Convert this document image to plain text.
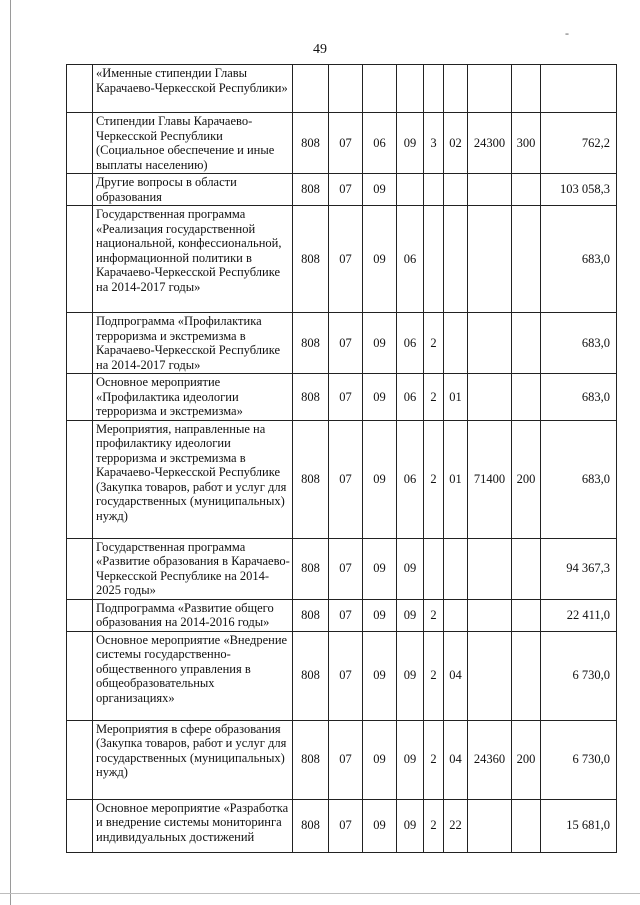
-
49
	«Именные стипендии Главы Карачаево-Черкесской Республики»									
	Стипендии Главы Карачаево-Черкесской Республики (Социальное обеспечение и иные выплаты населению)	808	07	06	09	3	02	24300	300	762,2
	Другие вопросы в области образования	808	07	09						103 058,3
	Государственная программа «Реализация государственной национальной, конфессиональной, информационной политики в Карачаево-Черкесской Республике на 2014-2017 годы»	808	07	09	06					683,0
	Подпрограмма «Профилактика терроризма и экстремизма в Карачаево-Черкесской Республике на 2014-2017 годы»	808	07	09	06	2				683,0
	Основное мероприятие «Профилактика идеологии терроризма и экстремизма»	808	07	09	06	2	01			683,0
	Мероприятия, направленные на профилактику идеологии терроризма и экстремизма в Карачаево-Черкесской Республике (Закупка товаров, работ и услуг для государственных (муниципальных) нужд)	808	07	09	06	2	01	71400	200	683,0
	Государственная программа «Развитие образования в Карачаево-Черкесской Республике на 2014-2025 годы»	808	07	09	09					94 367,3
	Подпрограмма «Развитие общего образования на 2014-2016 годы»	808	07	09	09	2				22 411,0
	Основное мероприятие «Внедрение системы государственно-общественного управления в общеобразовательных организациях»	808	07	09	09	2	04			6 730,0
	Мероприятия в сфере образования (Закупка товаров, работ и услуг для государственных (муниципальных) нужд)	808	07	09	09	2	04	24360	200	6 730,0
	Основное мероприятие «Разработка и внедрение системы мониторинга индивидуальных достижений	808	07	09	09	2	22			15 681,0
